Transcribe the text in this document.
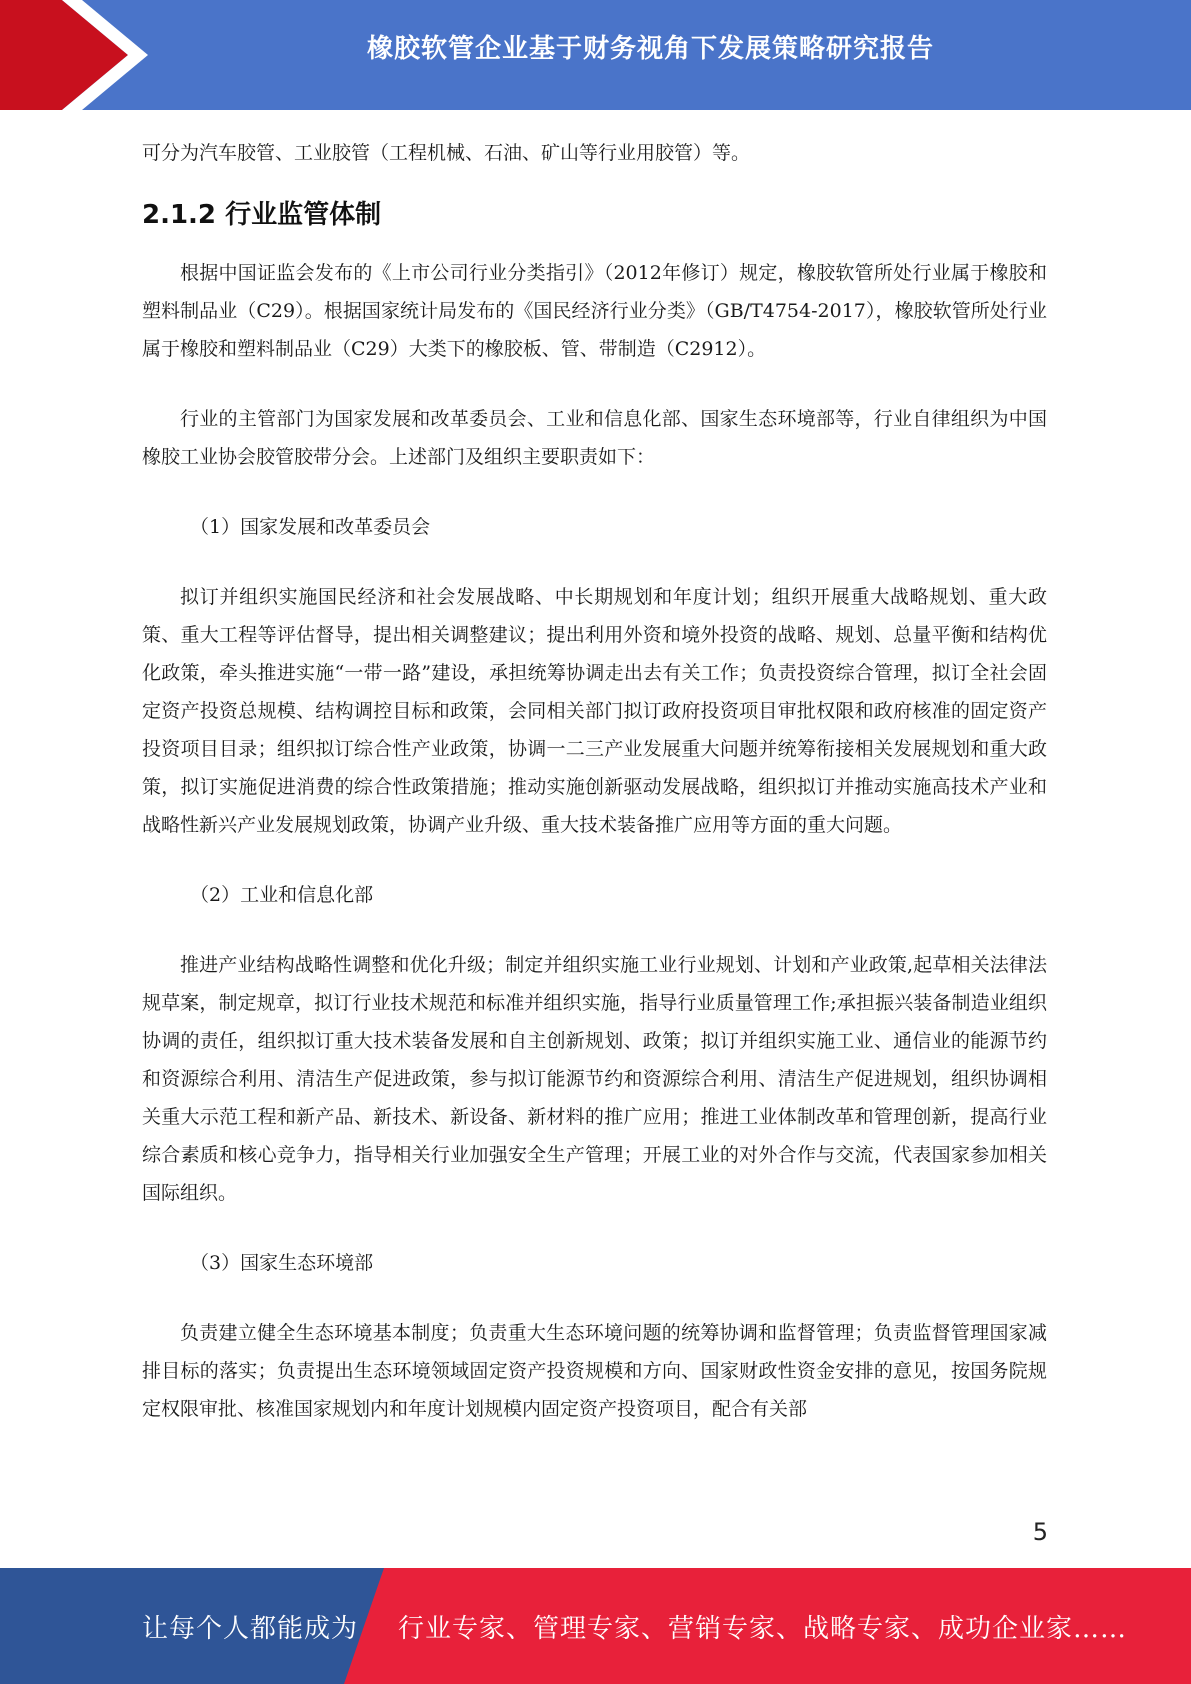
橡胶软管企业基于财务视角下发展策略研究报告

可分为汽车胶管、工业胶管（工程机械、石油、矿山等行业用胶管）等。

2.1.2 行业监管体制

根据中国证监会发布的《上市公司行业分类指引》（2012年修订）规定，橡胶软管所处行业属于橡胶和塑料制品业（C29）。根据国家统计局发布的《国民经济行业分类》（GB/T4754-2017），橡胶软管所处行业属于橡胶和塑料制品业（C29）大类下的橡胶板、管、带制造（C2912）。

行业的主管部门为国家发展和改革委员会、工业和信息化部、国家生态环境部等，行业自律组织为中国橡胶工业协会胶管胶带分会。上述部门及组织主要职责如下：

（1）国家发展和改革委员会

拟订并组织实施国民经济和社会发展战略、中长期规划和年度计划；组织开展重大战略规划、重大政策、重大工程等评估督导，提出相关调整建议；提出利用外资和境外投资的战略、规划、总量平衡和结构优化政策，牵头推进实施“一带一路”建设，承担统筹协调走出去有关工作；负责投资综合管理，拟订全社会固定资产投资总规模、结构调控目标和政策，会同相关部门拟订政府投资项目审批权限和政府核准的固定资产投资项目目录；组织拟订综合性产业政策，协调一二三产业发展重大问题并统筹衔接相关发展规划和重大政策，拟订实施促进消费的综合性政策措施；推动实施创新驱动发展战略，组织拟订并推动实施高技术产业和战略性新兴产业发展规划政策，协调产业升级、重大技术装备推广应用等方面的重大问题。

（2）工业和信息化部

推进产业结构战略性调整和优化升级；制定并组织实施工业行业规划、计划和产业政策,起草相关法律法规草案，制定规章，拟订行业技术规范和标准并组织实施，指导行业质量管理工作;承担振兴装备制造业组织协调的责任，组织拟订重大技术装备发展和自主创新规划、政策；拟订并组织实施工业、通信业的能源节约和资源综合利用、清洁生产促进政策，参与拟订能源节约和资源综合利用、清洁生产促进规划，组织协调相关重大示范工程和新产品、新技术、新设备、新材料的推广应用；推进工业体制改革和管理创新，提高行业综合素质和核心竞争力，指导相关行业加强安全生产管理；开展工业的对外合作与交流，代表国家参加相关国际组织。

（3）国家生态环境部

负责建立健全生态环境基本制度；负责重大生态环境问题的统筹协调和监督管理；负责监督管理国家减排目标的落实；负责提出生态环境领域固定资产投资规模和方向、国家财政性资金安排的意见，按国务院规定权限审批、核准国家规划内和年度计划规模内固定资产投资项目，配合有关部

5
让每个人都能成为 行业专家、管理专家、营销专家、战略专家、成功企业家……
